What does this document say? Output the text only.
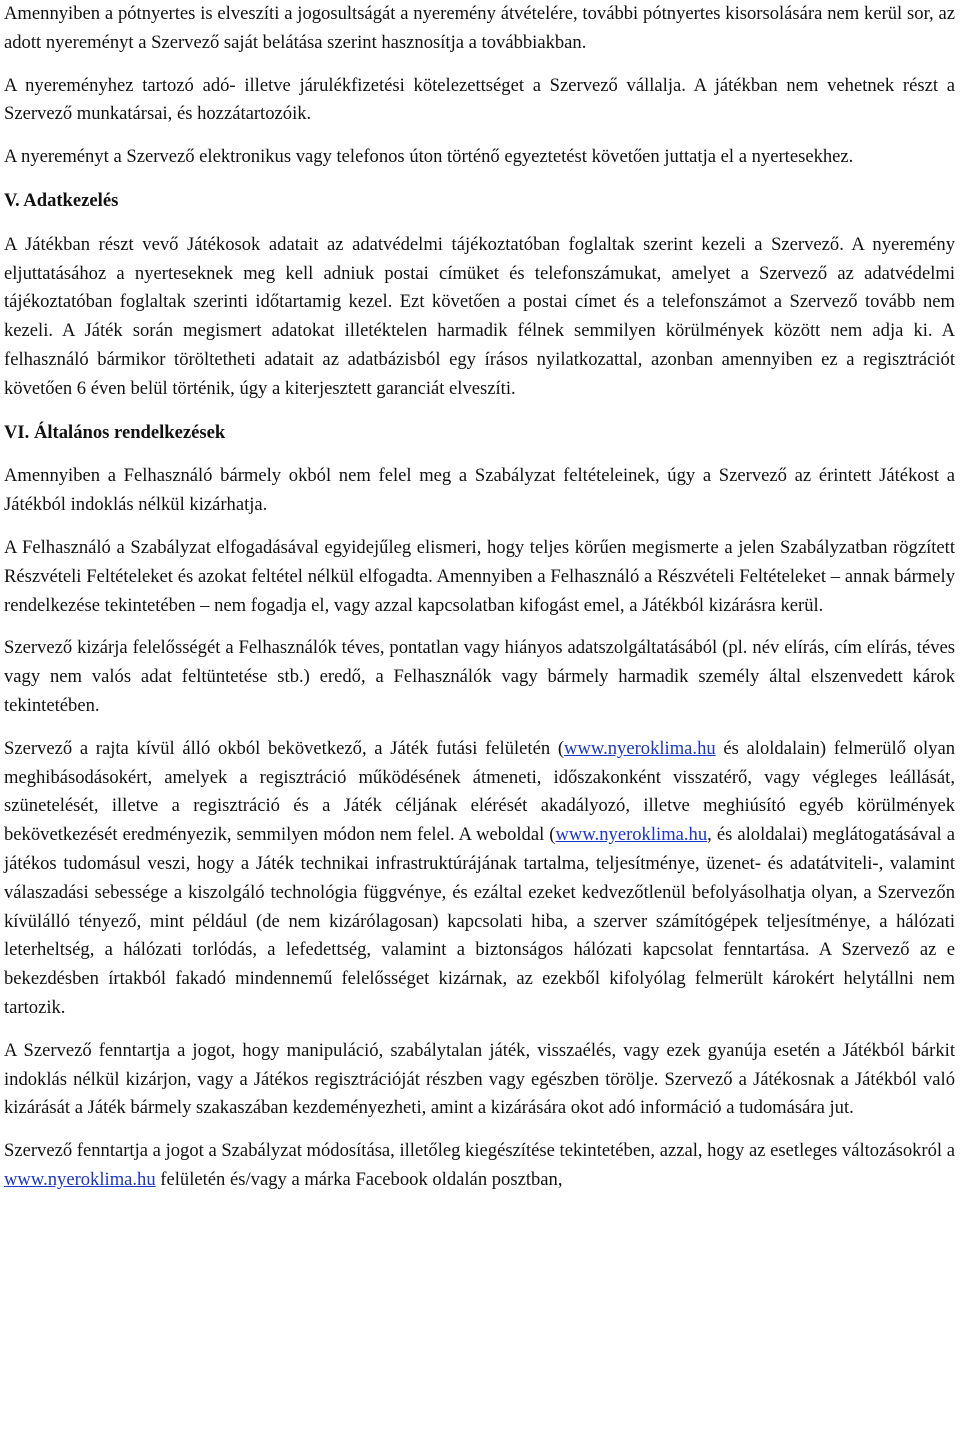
Amennyiben a pótnyertes is elveszíti a jogosultságát a nyeremény átvételére, további pótnyertes kisorsolására nem kerül sor, az adott nyereményt a Szervező saját belátása szerint hasznosítja a továbbiakban.

A nyereményhez tartozó adó- illetve járulékfizetési kötelezettséget a Szervező vállalja. A játékban nem vehetnek részt a Szervező munkatársai, és hozzátartozóik.

A nyereményt a Szervező elektronikus vagy telefonos úton történő egyeztetést követően juttatja el a nyertesekhez.

V. Adatkezelés

A Játékban részt vevő Játékosok adatait az adatvédelmi tájékoztatóban foglaltak szerint kezeli a Szervező. A nyeremény eljuttatásához a nyerteseknek meg kell adniuk postai címüket és telefonszámukat, amelyet a Szervező az adatvédelmi tájékoztatóban foglaltak szerinti időtartamig kezel. Ezt követően a postai címet és a telefonszámot a Szervező tovább nem kezeli. A Játék során megismert adatokat illetéktelen harmadik félnek semmilyen körülmények között nem adja ki. A felhasználó bármikor töröltetheti adatait az adatbázisból egy írásos nyilatkozattal, azonban amennyiben ez a regisztrációt követően 6 éven belül történik, úgy a kiterjesztett garanciát elveszíti.

VI. Általános rendelkezések

Amennyiben a Felhasználó bármely okból nem felel meg a Szabályzat feltételeinek, úgy a Szervező az érintett Játékost a Játékból indoklás nélkül kizárhatja.

A Felhasználó a Szabályzat elfogadásával egyidejűleg elismeri, hogy teljes körűen megismerte a jelen Szabályzatban rögzített Részvételi Feltételeket és azokat feltétel nélkül elfogadta. Amennyiben a Felhasználó a Részvételi Feltételeket – annak bármely rendelkezése tekintetében – nem fogadja el, vagy azzal kapcsolatban kifogást emel, a Játékból kizárásra kerül.

Szervező kizárja felelősségét a Felhasználók téves, pontatlan vagy hiányos adatszolgáltatásából (pl. név elírás, cím elírás, téves vagy nem valós adat feltüntetése stb.) eredő, a Felhasználók vagy bármely harmadik személy által elszenvedett károk tekintetében.

Szervező a rajta kívül álló okból bekövetkező, a Játék futási felületén (www.nyeroklima.hu és aloldalain) felmerülő olyan meghibásodásokért, amelyek a regisztráció működésének átmeneti, időszakonként visszatérő, vagy végleges leállását, szünetelését, illetve a regisztráció és a Játék céljának elérését akadályozó, illetve meghiúsító egyéb körülmények bekövetkezését eredményezik, semmilyen módon nem felel. A weboldal (www.nyeroklima.hu, és aloldalai) meglátogatásával a játékos tudomásul veszi, hogy a Játék technikai infrastruktúrájának tartalma, teljesítménye, üzenet- és adatátviteli-, valamint válaszadási sebessége a kiszolgáló technológia függvénye, és ezáltal ezeket kedvezőtlenül befolyásolhatja olyan, a Szervezőn kívülálló tényező, mint például (de nem kizárólagosan) kapcsolati hiba, a szerver számítógépek teljesítménye, a hálózati leterheltség, a hálózati torlódás, a lefedettség, valamint a biztonságos hálózati kapcsolat fenntartása. A Szervező az e bekezdésben írtakból fakadó mindennemű felelősséget kizárnak, az ezekből kifolyólag felmerült károkért helytállni nem tartozik.

A Szervező fenntartja a jogot, hogy manipuláció, szabálytalan játék, visszaélés, vagy ezek gyanúja esetén a Játékból bárkit indoklás nélkül kizárjon, vagy a Játékos regisztrációját részben vagy egészben törölje. Szervező a Játékosnak a Játékból való kizárását a Játék bármely szakaszában kezdeményezheti, amint a kizárására okot adó információ a tudomására jut.

Szervező fenntartja a jogot a Szabályzat módosítása, illetőleg kiegészítése tekintetében, azzal, hogy az esetleges változásokról a www.nyeroklima.hu felületén és/vagy a márka Facebook oldalán posztban,
